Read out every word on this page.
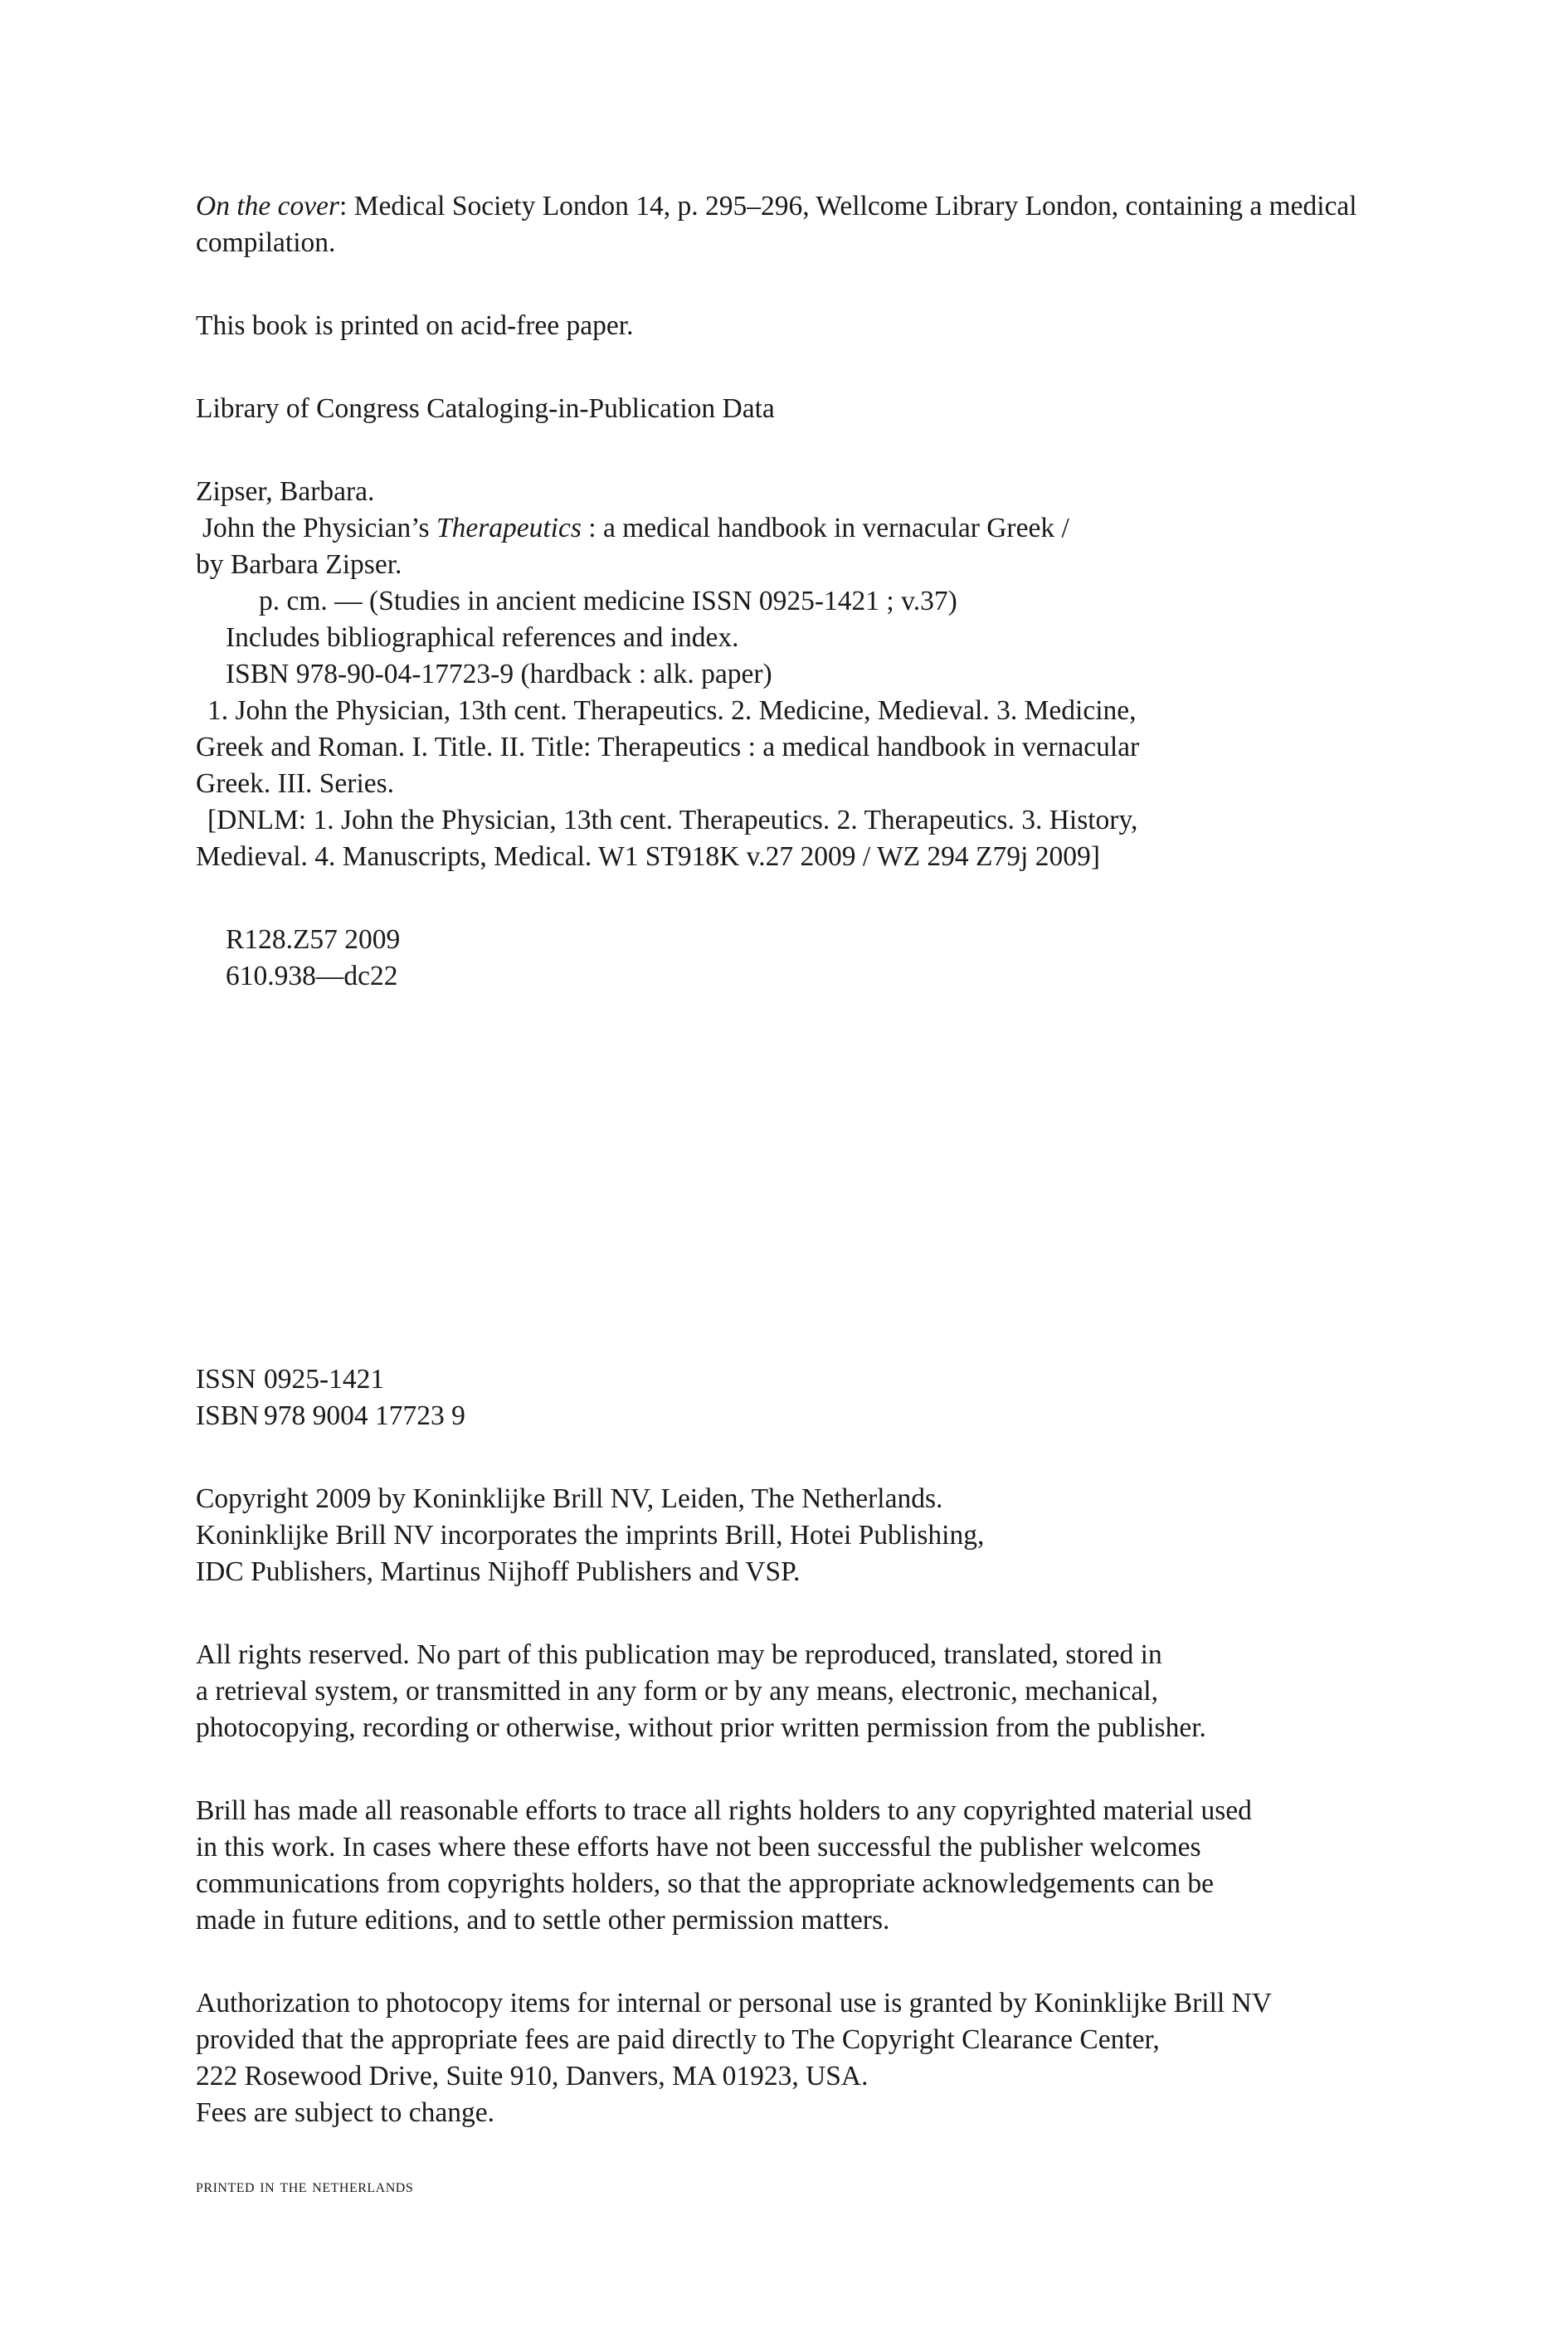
On the cover: Medical Society London 14, p. 295–296, Wellcome Library London, containing a medical compilation.

This book is printed on acid-free paper.

Library of Congress Cataloging-in-Publication Data

Zipser, Barbara.

John the Physician’s Therapeutics : a medical handbook in vernacular Greek /

by Barbara Zipser.

p. cm. — (Studies in ancient medicine ISSN 0925-1421 ; v.37)

Includes bibliographical references and index.

ISBN 978-90-04-17723-9 (hardback : alk. paper)

1. John the Physician, 13th cent. Therapeutics. 2. Medicine, Medieval. 3. Medicine,

Greek and Roman. I. Title. II. Title: Therapeutics : a medical handbook in vernacular

Greek. III. Series.

[DNLM: 1. John the Physician, 13th cent. Therapeutics. 2. Therapeutics. 3. History,

Medieval. 4. Manuscripts, Medical. W1 ST918K v.27 2009 / WZ 294 Z79j 2009]

R128.Z57 2009

610.938—dc22

ISSN 0925-1421

ISBN 978 9004 17723 9

Copyright 2009 by Koninklijke Brill NV, Leiden, The Netherlands.

Koninklijke Brill NV incorporates the imprints Brill, Hotei Publishing,

IDC Publishers, Martinus Nijhoff Publishers and VSP.

All rights reserved. No part of this publication may be reproduced, translated, stored in

a retrieval system, or transmitted in any form or by any means, electronic, mechanical,

photocopying, recording or otherwise, without prior written permission from the publisher.

Brill has made all reasonable efforts to trace all rights holders to any copyrighted material used

in this work. In cases where these efforts have not been successful the publisher welcomes

communications from copyrights holders, so that the appropriate acknowledgements can be

made in future editions, and to settle other permission matters.

Authorization to photocopy items for internal or personal use is granted by Koninklijke Brill NV

provided that the appropriate fees are paid directly to The Copyright Clearance Center,

222 Rosewood Drive, Suite 910, Danvers, MA 01923, USA.

Fees are subject to change.

printed in the netherlands
